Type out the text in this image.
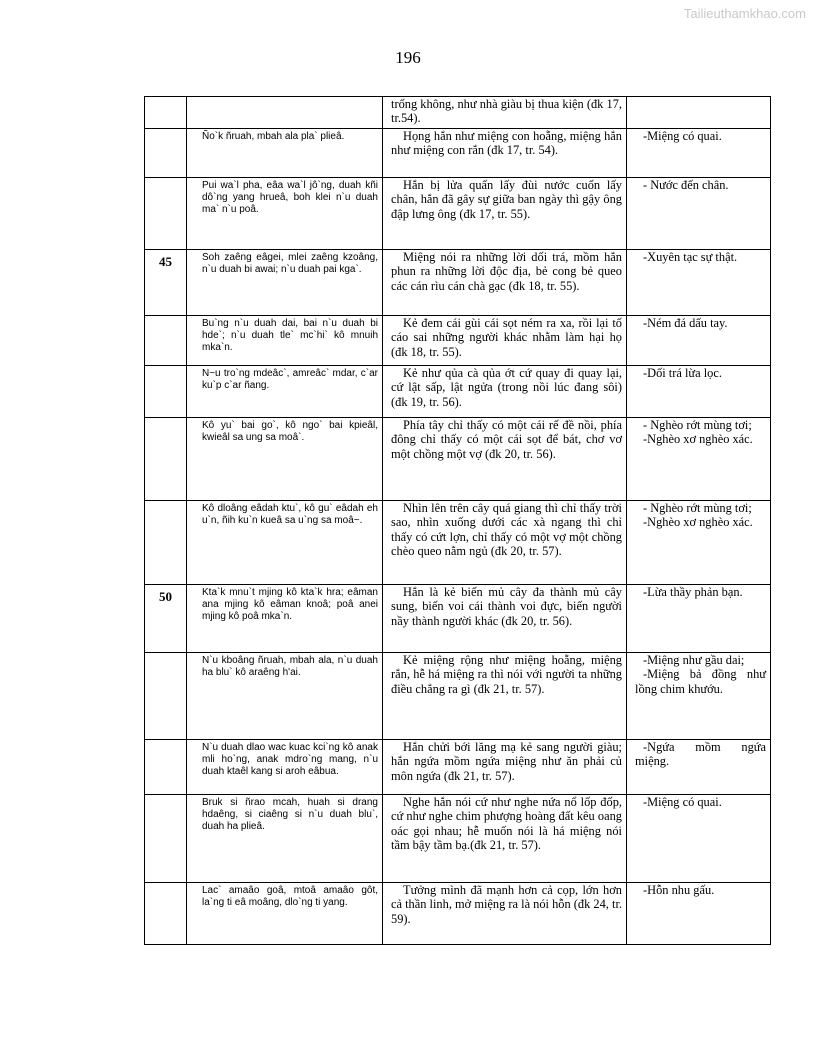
Tailieuthamkhao.com
196

		trống không, như nhà giàu bị thua kiện (đk 17, tr.54).	

	Ño`k ñruah, mbah ala pla` plieâ.	Họng hắn như miệng con hoẵng, miệng hắn như miệng con rắn (đk 17, tr. 54).	-Miệng có quai.

	Pui wa`l pha, eâa wa`l jô`ng, duah kñi dô`ng yang hrueâ, boh klei n`u duah ma` n`u poâ.	Hắn bị lửa quấn lấy đùi nước cuốn lấy chân, hắn đã gây sự giữa ban ngày thì gậy ông đập lưng ông (đk 17, tr. 55).	- Nước đến chân.

45	Soh zaêng eâgei, mlei zaêng kzoâng, n`u duah bi awai; n`u duah pai kga`.	Miệng nói ra những lời dối trá, mồm hắn phun ra những lời độc địa, bẻ cong bẻ queo các cán rìu cán chà gạc (đk 18, tr. 55).	-Xuyên tạc sự thật.

	Bu`ng n`u duah dai, bai n`u duah bi hde`; n`u duah tle` mc`hi` kô mnuih mka`n.	Kẻ đem cái gùi cái sọt ném ra xa, rồi lại tố cáo sai những người khác nhằm làm hại họ (đk 18, tr. 55).	-Ném đá dấu tay.

	N~u tro`ng mdeâc`, amreâc` mdar, c`ar ku`p c`ar ñang.	Kẻ như qủa cà qủa ớt cứ quay đi quay lại, cứ lật sấp, lật ngửa (trong nồi lúc đang sôi) (đk 19, tr. 56).	-Dối trá lừa lọc.

	Kô yu` bai go`, kô ngo` bai kpieâl, kwieâl sa ung sa moâ`.	Phía tây chỉ thấy có một cái rế đề nồi, phía đông chỉ thấy có một cái sọt để bát, chơ vơ một chồng một vợ (đk 20, tr. 56).	- Nghèo rớt mùng tơi;
-Nghèo xơ nghèo xác.

	Kô dloâng eâdah ktu`, kô gu` eâdah eh u`n, ñih ku`n kueâ sa u`ng sa moâ~.	Nhìn lên trên cây quá giang thì chỉ thấy trời sao, nhìn xuống dưới các xà ngang thì chỉ thấy có cứt lợn, chỉ thấy có một vợ một chồng chèo queo nằm ngủ (đk 20, tr. 57).	- Nghèo rớt mùng tơi;
-Nghèo xơ nghèo xác.

50	Kta`k mnu`t mjing kô kta`k hra; eâman ana mjing kô eâman knoâ; poâ anei mjing kô poâ mka`n.	Hắn là kẻ biến mủ cây đa thành mủ cây sung, biến voi cái thành voi đực, biến người nầy thành người khác (đk 20, tr. 56).	-Lừa thầy phản bạn.

	N`u kboâng ñruah, mbah ala, n`u duah ha blu` kô araêng h'ai.	Kẻ miệng rộng như miệng hoẵng, miệng rắn, hễ há miệng ra thì nói với người ta những điều chẳng ra gì (đk 21, tr. 57).	-Miệng như gầu dai;
-Miệng bả đồng như lồng chim khướu.

	N`u duah dlao wac kuac kci`ng kô anak mli ho`ng, anak mdro`ng mang, n`u duah ktaêl kang si aroh eâbua.	Hắn chửi bới lăng mạ kẻ sang người giàu; hắn ngứa mồm ngứa miệng như ăn phải củ môn ngứa (đk 21, tr. 57).	-Ngứa mồm ngứa miệng.

	Bruk si ñrao mcah, huah si drang hdaêng, si ciaêng si n`u duah blu`, duah ha plieâ.	Nghe hắn nói cứ như nghe nứa nổ lốp đốp, cứ như nghe chim phượng hoàng đất kêu oang oác gọi nhau; hễ muốn nói là há miệng nói tầm bậy tầm bạ.(đk 21, tr. 57).	-Miệng có quai.

	Lac` amaâo goâ, mtoâ amaâo gôt, la`ng ti eâ moâng, dlo`ng ti yang.	Tưởng mình đã mạnh hơn cả cọp, lớn hơn cả thần linh, mở miệng ra là nói hỗn (đk 24, tr. 59).	-Hỗn nhu gấu.
